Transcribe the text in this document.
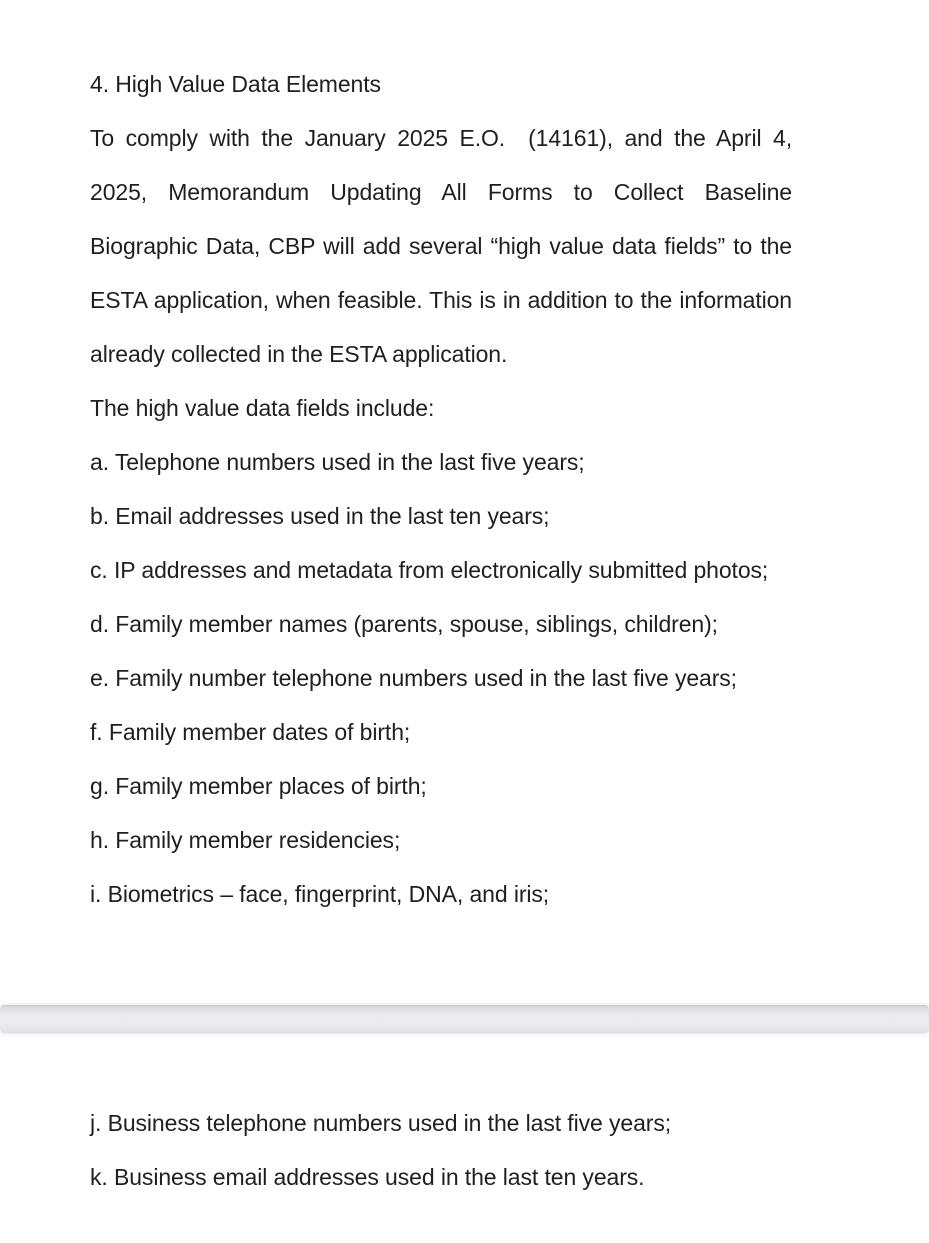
4. High Value Data Elements
To comply with the January 2025 E.O.  (14161), and the April 4,
2025, Memorandum Updating All Forms to Collect Baseline
Biographic Data, CBP will add several “high value data fields” to the
ESTA application, when feasible. This is in addition to the information
already collected in the ESTA application.
The high value data fields include:
a. Telephone numbers used in the last five years;
b. Email addresses used in the last ten years;
c. IP addresses and metadata from electronically submitted photos;
d. Family member names (parents, spouse, siblings, children);
e. Family number telephone numbers used in the last five years;
f. Family member dates of birth;
g. Family member places of birth;
h. Family member residencies;
i. Biometrics – face, fingerprint, DNA, and iris;
j. Business telephone numbers used in the last five years;
k. Business email addresses used in the last ten years.
